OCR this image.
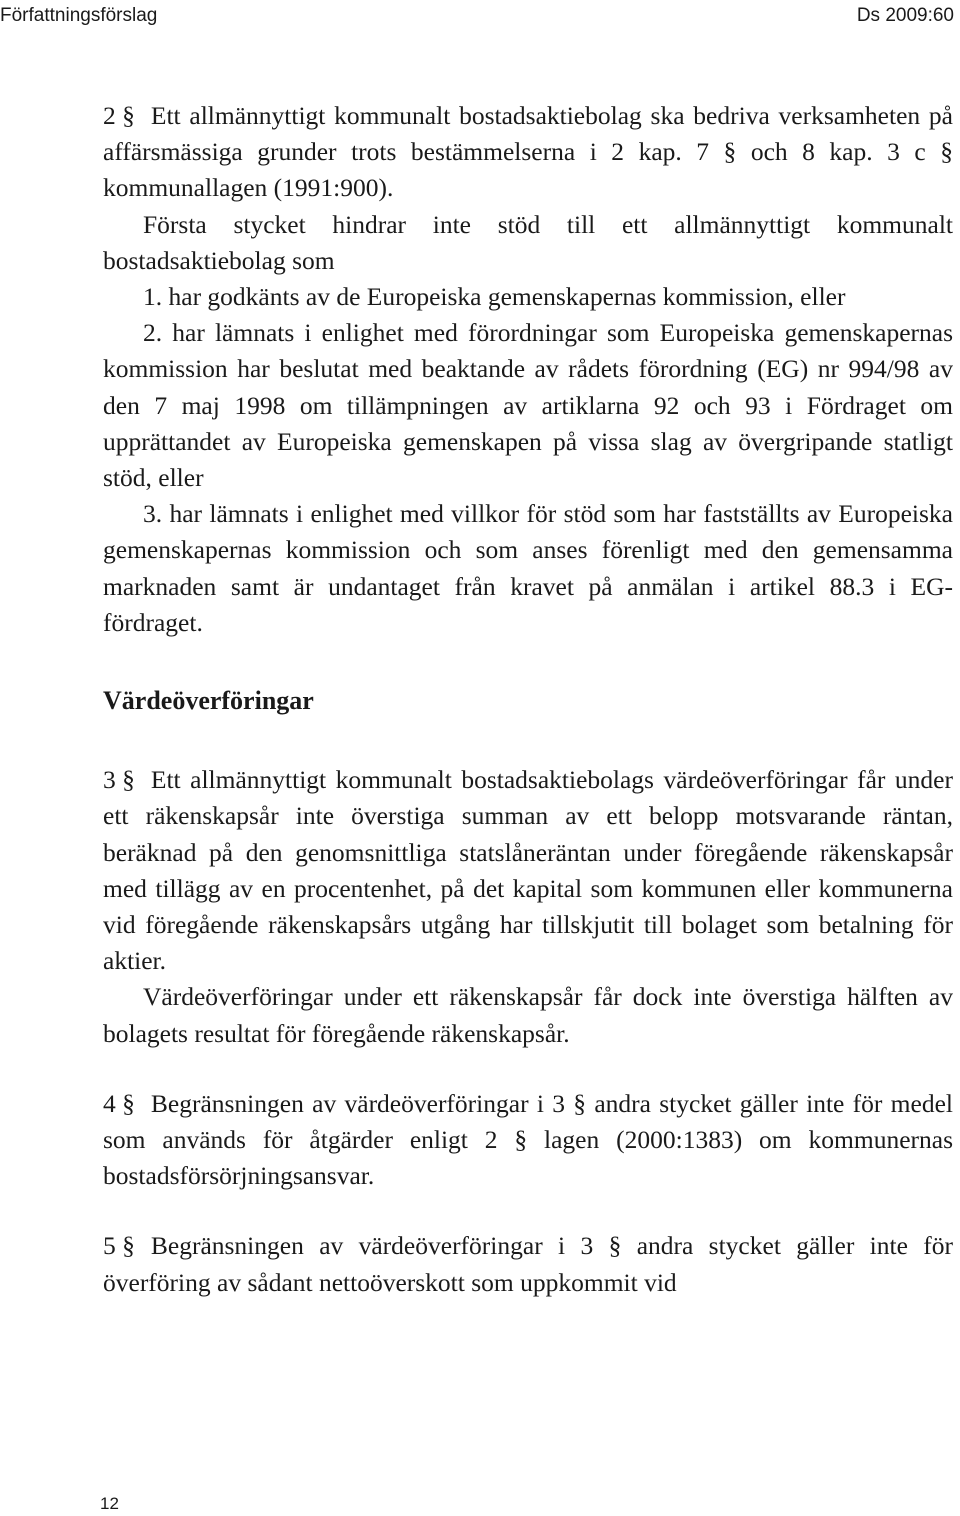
Författningsförslag	Ds 2009:60

2 § Ett allmännyttigt kommunalt bostadsaktiebolag ska bedriva verksamheten på affärsmässiga grunder trots bestämmelserna i 2 kap. 7 § och 8 kap. 3 c § kommunallagen (1991:900).

Första stycket hindrar inte stöd till ett allmännyttigt kommunalt bostadsaktiebolag som

1. har godkänts av de Europeiska gemenskapernas kommission, eller

2. har lämnats i enlighet med förordningar som Europeiska gemenskapernas kommission har beslutat med beaktande av rådets förordning (EG) nr 994/98 av den 7 maj 1998 om tillämpningen av artiklarna 92 och 93 i Fördraget om upprättandet av Europeiska gemenskapen på vissa slag av övergripande statligt stöd, eller

3. har lämnats i enlighet med villkor för stöd som har fastställts av Europeiska gemenskapernas kommission och som anses förenligt med den gemensamma marknaden samt är undantaget från kravet på anmälan i artikel 88.3 i EG-fördraget.

Värdeöverföringar

3 § Ett allmännyttigt kommunalt bostadsaktiebolags värdeöverföringar får under ett räkenskapsår inte överstiga summan av ett belopp motsvarande räntan, beräknad på den genomsnittliga statslåneräntan under föregående räkenskapsår med tillägg av en procentenhet, på det kapital som kommunen eller kommunerna vid föregående räkenskapsårs utgång har tillskjutit till bolaget som betalning för aktier.

Värdeöverföringar under ett räkenskapsår får dock inte överstiga hälften av bolagets resultat för föregående räkenskapsår.

4 § Begränsningen av värdeöverföringar i 3 § andra stycket gäller inte för medel som används för åtgärder enligt 2 § lagen (2000:1383) om kommunernas bostadsförsörjningsansvar.

5 § Begränsningen av värdeöverföringar i 3 § andra stycket gäller inte för överföring av sådant nettoöverskott som uppkommit vid

12
